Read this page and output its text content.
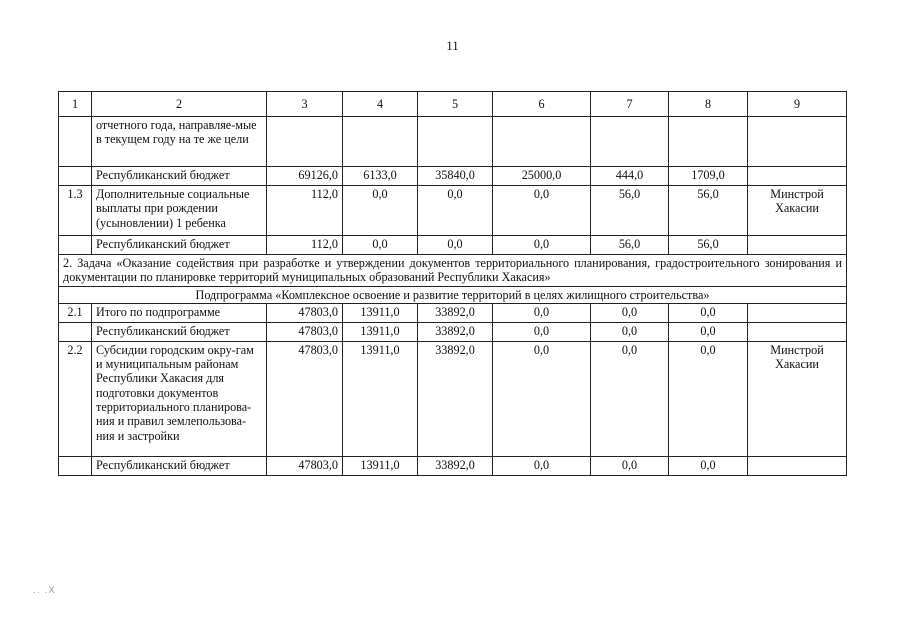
11
1	2	3	4	5	6	7	8	9
	отчетного года, направляе-мые в текущем году на те же цели							
	Республиканский бюджет	69126,0	6133,0	35840,0	25000,0	444,0	1709,0	
1.3	Дополнительные социальные выплаты при рождении (усыновлении) 1 ребенка	112,0	0,0	0,0	0,0	56,0	56,0	Минстрой Хакасии
	Республиканский бюджет	112,0	0,0	0,0	0,0	56,0	56,0	
2. Задача «Оказание содействия при разработке и утверждении документов территориального планирования, градостроительного зонирования и документации по планировке территорий муниципальных образований Республики Хакасия»								
Подпрограмма «Комплексное освоение и развитие территорий в целях жилищного строительства»								
2.1	Итого по подпрограмме	47803,0	13911,0	33892,0	0,0	0,0	0,0	
	Республиканский бюджет	47803,0	13911,0	33892,0	0,0	0,0	0,0	
2.2	Субсидии городским окру-гам и муниципальным районам Республики Хакасия для подготовки документов территориального планирова-ния и правил землепользова-ния и застройки	47803,0	13911,0	33892,0	0,0	0,0	0,0	Минстрой Хакасии
	Республиканский бюджет	47803,0	13911,0	33892,0	0,0	0,0	0,0	
.. .X
